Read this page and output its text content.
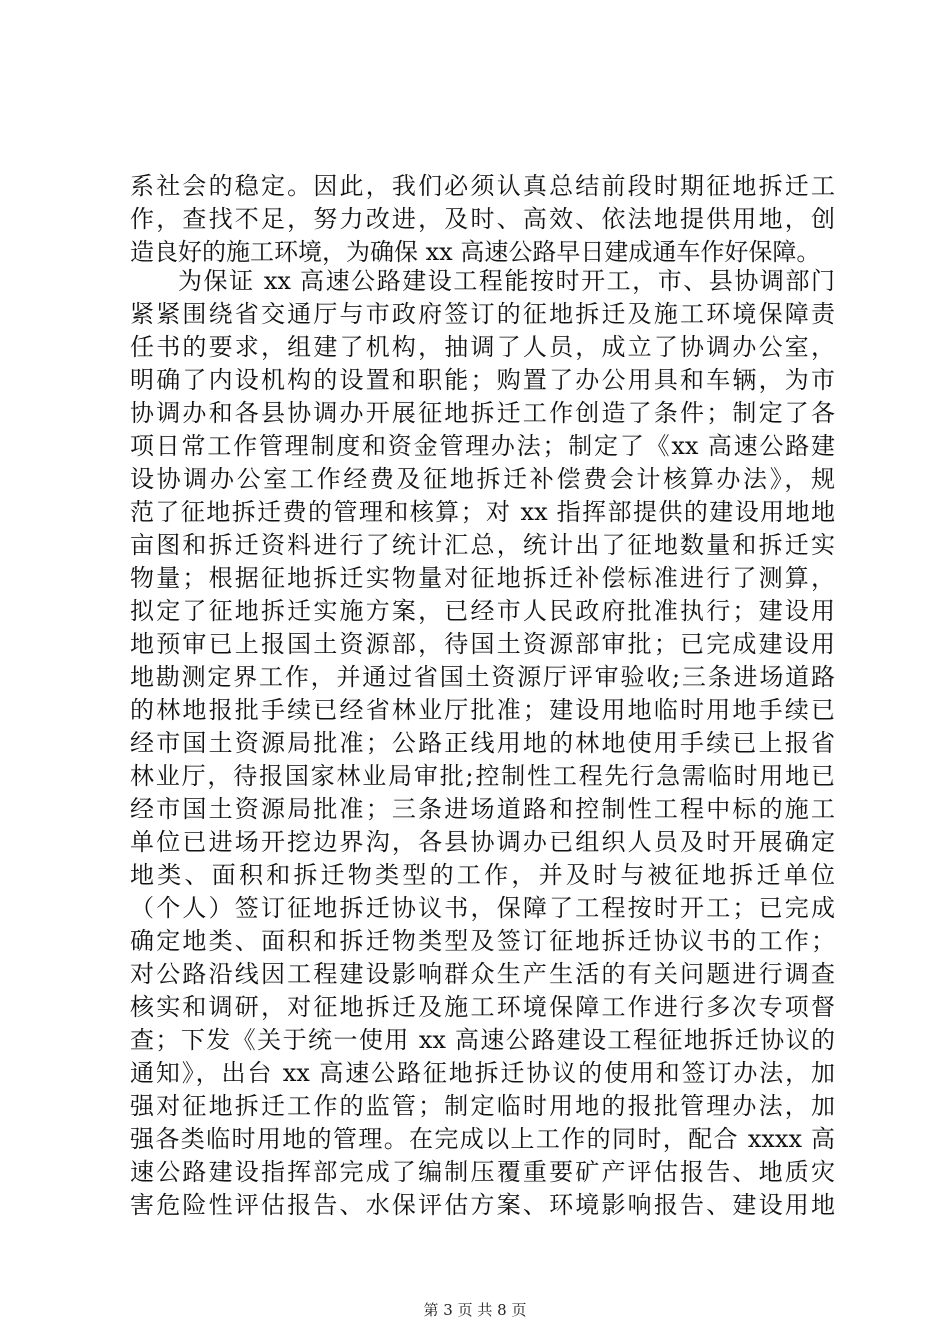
系社会的稳定。因此，我们必须认真总结前段时期征地拆迁工
作，查找不足，努力改进，及时、高效、依法地提供用地，创
造良好的施工环境，为确保 xx 高速公路早日建成通车作好保障。
为保证 xx 高速公路建设工程能按时开工，市、县协调部门
紧紧围绕省交通厅与市政府签订的征地拆迁及施工环境保障责
任书的要求，组建了机构，抽调了人员，成立了协调办公室，
明确了内设机构的设置和职能；购置了办公用具和车辆，为市
协调办和各县协调办开展征地拆迁工作创造了条件；制定了各
项日常工作管理制度和资金管理办法；制定了《xx 高速公路建
设协调办公室工作经费及征地拆迁补偿费会计核算办法》，规
范了征地拆迁费的管理和核算；对 xx 指挥部提供的建设用地地
亩图和拆迁资料进行了统计汇总，统计出了征地数量和拆迁实
物量；根据征地拆迁实物量对征地拆迁补偿标准进行了测算，
拟定了征地拆迁实施方案，已经市人民政府批准执行；建设用
地预审已上报国土资源部，待国土资源部审批；已完成建设用
地勘测定界工作，并通过省国土资源厅评审验收;三条进场道路
的林地报批手续已经省林业厅批准；建设用地临时用地手续已
经市国土资源局批准；公路正线用地的林地使用手续已上报省
林业厅，待报国家林业局审批;控制性工程先行急需临时用地已
经市国土资源局批准；三条进场道路和控制性工程中标的施工
单位已进场开挖边界沟，各县协调办已组织人员及时开展确定
地类、面积和拆迁物类型的工作，并及时与被征地拆迁单位
（个人）签订征地拆迁协议书，保障了工程按时开工；已完成
确定地类、面积和拆迁物类型及签订征地拆迁协议书的工作；
对公路沿线因工程建设影响群众生产生活的有关问题进行调查
核实和调研，对征地拆迁及施工环境保障工作进行多次专项督
查；下发《关于统一使用 xx 高速公路建设工程征地拆迁协议的
通知》，出台 xx 高速公路征地拆迁协议的使用和签订办法，加
强对征地拆迁工作的监管；制定临时用地的报批管理办法，加
强各类临时用地的管理。在完成以上工作的同时，配合 xxxx 高
速公路建设指挥部完成了编制压覆重要矿产评估报告、地质灾
害危险性评估报告、水保评估方案、环境影响报告、建设用地
第 3 页 共 8 页
